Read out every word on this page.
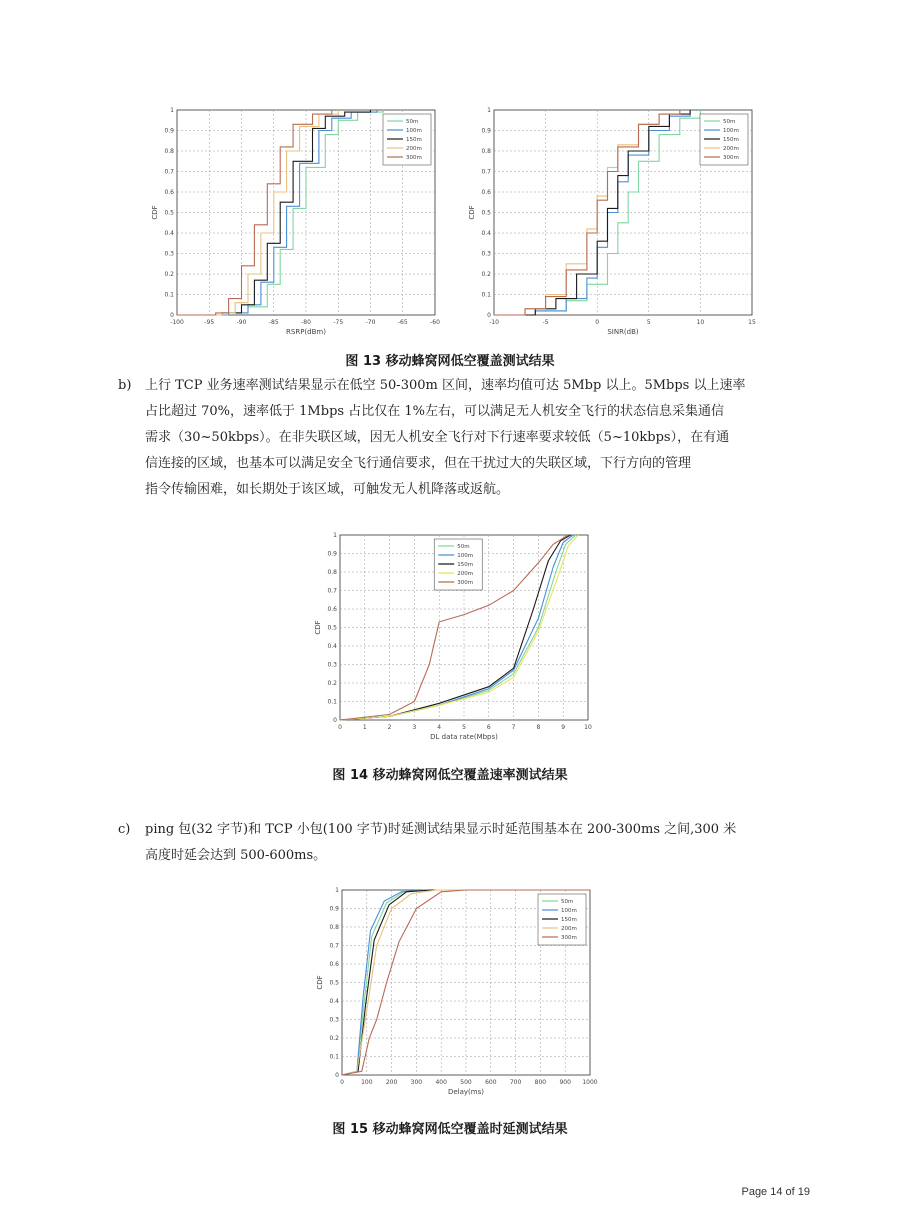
-100	-95	-90	-85	-80	-75	-70	-65	-60
0
0.1
0.2
0.3
0.4
0.5
0.6
0.7
0.8
0.9
1
RSRP(dBm)
CDF
50m
100m
150m
200m
300m
-10	-5	0	5	10	15
0
0.1
0.2
0.3
0.4
0.5
0.6
0.7
0.8
0.9
1
SINR(dB)
CDF
50m
100m
150m
200m
300m
图 13 移动蜂窝网低空覆盖测试结果
b) 上行 TCP 业务速率测试结果显示在低空 50-300m 区间，速率均值可达 5Mbp 以上。5Mbps 以上速率
占比超过 70%，速率低于 1Mbps 占比仅在 1%左右，可以满足无人机安全飞行的状态信息采集通信
需求（30~50kbps）。在非失联区域，因无人机安全飞行对下行速率要求较低（5~10kbps），在有通
信连接的区域，也基本可以满足安全飞行通信要求，但在干扰过大的失联区域，下行方向的管理
指令传输困难，如长期处于该区域，可触发无人机降落或返航。
0	1	2	3	4	5	6	7	8	9	10
0
0.1
0.2
0.3
0.4
0.5
0.6
0.7
0.8
0.9
1
DL data rate(Mbps)
CDF
50m
100m
150m
200m
300m
图 14 移动蜂窝网低空覆盖速率测试结果
c) ping 包(32 字节)和 TCP 小包(100 字节)时延测试结果显示时延范围基本在 200-300ms 之间,300 米
高度时延会达到 500-600ms。
0	100 200 300 400 500 600 700 800 900 1000
0
0.1
0.2
0.3
0.4
0.5
0.6
0.7
0.8
0.9
1
Delay(ms)
CDF
50m
100m
150m
200m
300m
图 15 移动蜂窝网低空覆盖时延测试结果
Page 14 of 19
